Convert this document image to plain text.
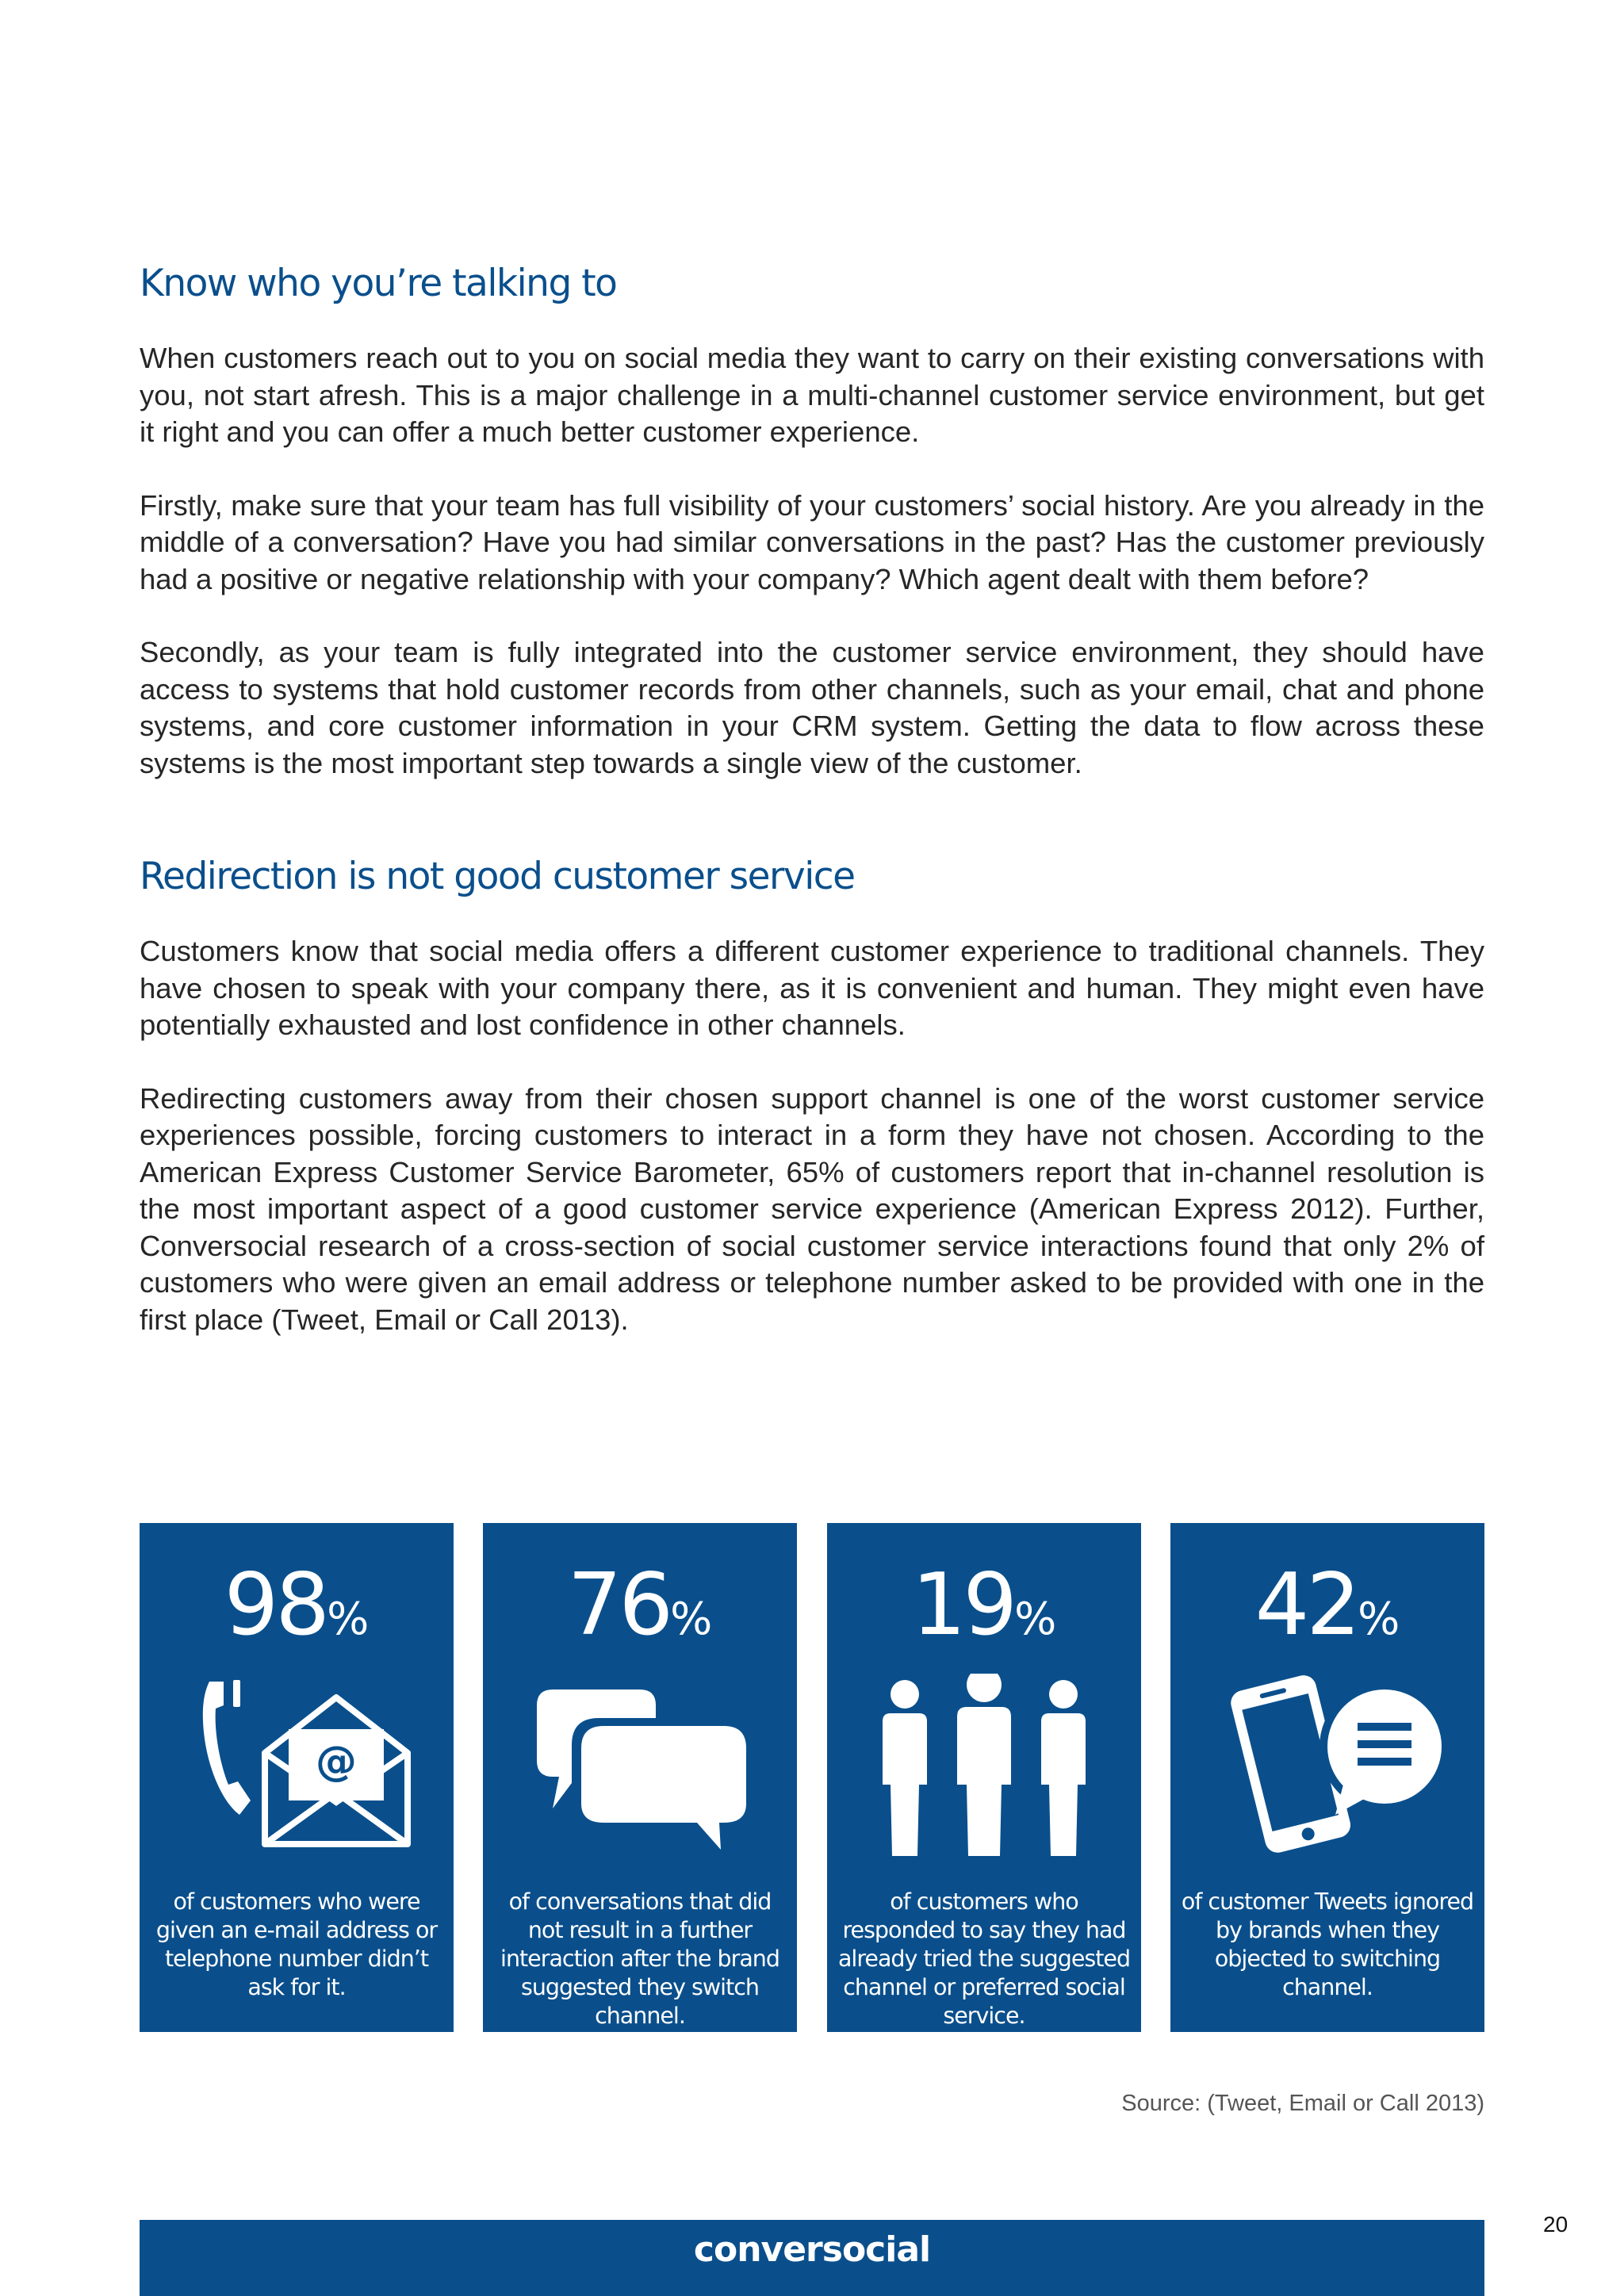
Know who you’re talking to

When customers reach out to you on social media they want to carry on their existing conversations with you, not start afresh. This is a major challenge in a multi-channel customer service environment, but get it right and you can offer a much better customer experience.

Firstly, make sure that your team has full visibility of your customers’ social history. Are you already in the middle of a conversation? Have you had similar conversations in the past? Has the customer previously had a positive or negative relationship with your company? Which agent dealt with them before?

Secondly, as your team is fully integrated into the customer service environment, they should have access to systems that hold customer records from other channels, such as your email, chat and phone systems, and core customer information in your CRM system. Getting the data to flow across these systems is the most important step towards a single view of the customer.

Redirection is not good customer service

Customers know that social media offers a different customer experience to traditional channels. They have chosen to speak with your company there, as it is convenient and human. They might even have potentially exhausted and lost confidence in other channels.

Redirecting customers away from their chosen support channel is one of the worst customer service experiences possible, forcing customers to interact in a form they have not chosen. According to the American Express Customer Service Barometer, 65% of customers report that in-channel resolution is the most important aspect of a good customer service experience (American Express 2012). Further, Conversocial research of a cross-section of social customer service interactions found that only 2% of customers who were given an email address or telephone number asked to be provided with one in the first place (Tweet, Email or Call 2013).

98%
@
of customers who were given an e-mail address or telephone number didn’t ask for it.
76%
of conversations that did not result in a further interaction after the brand suggested they switch channel.
19%
of customers who responded to say they had already tried the suggested channel or preferred social service.
42%
of customer Tweets ignored by brands when they objected to switching channel.
Source: (Tweet, Email or Call 2013)
20
conversocial
